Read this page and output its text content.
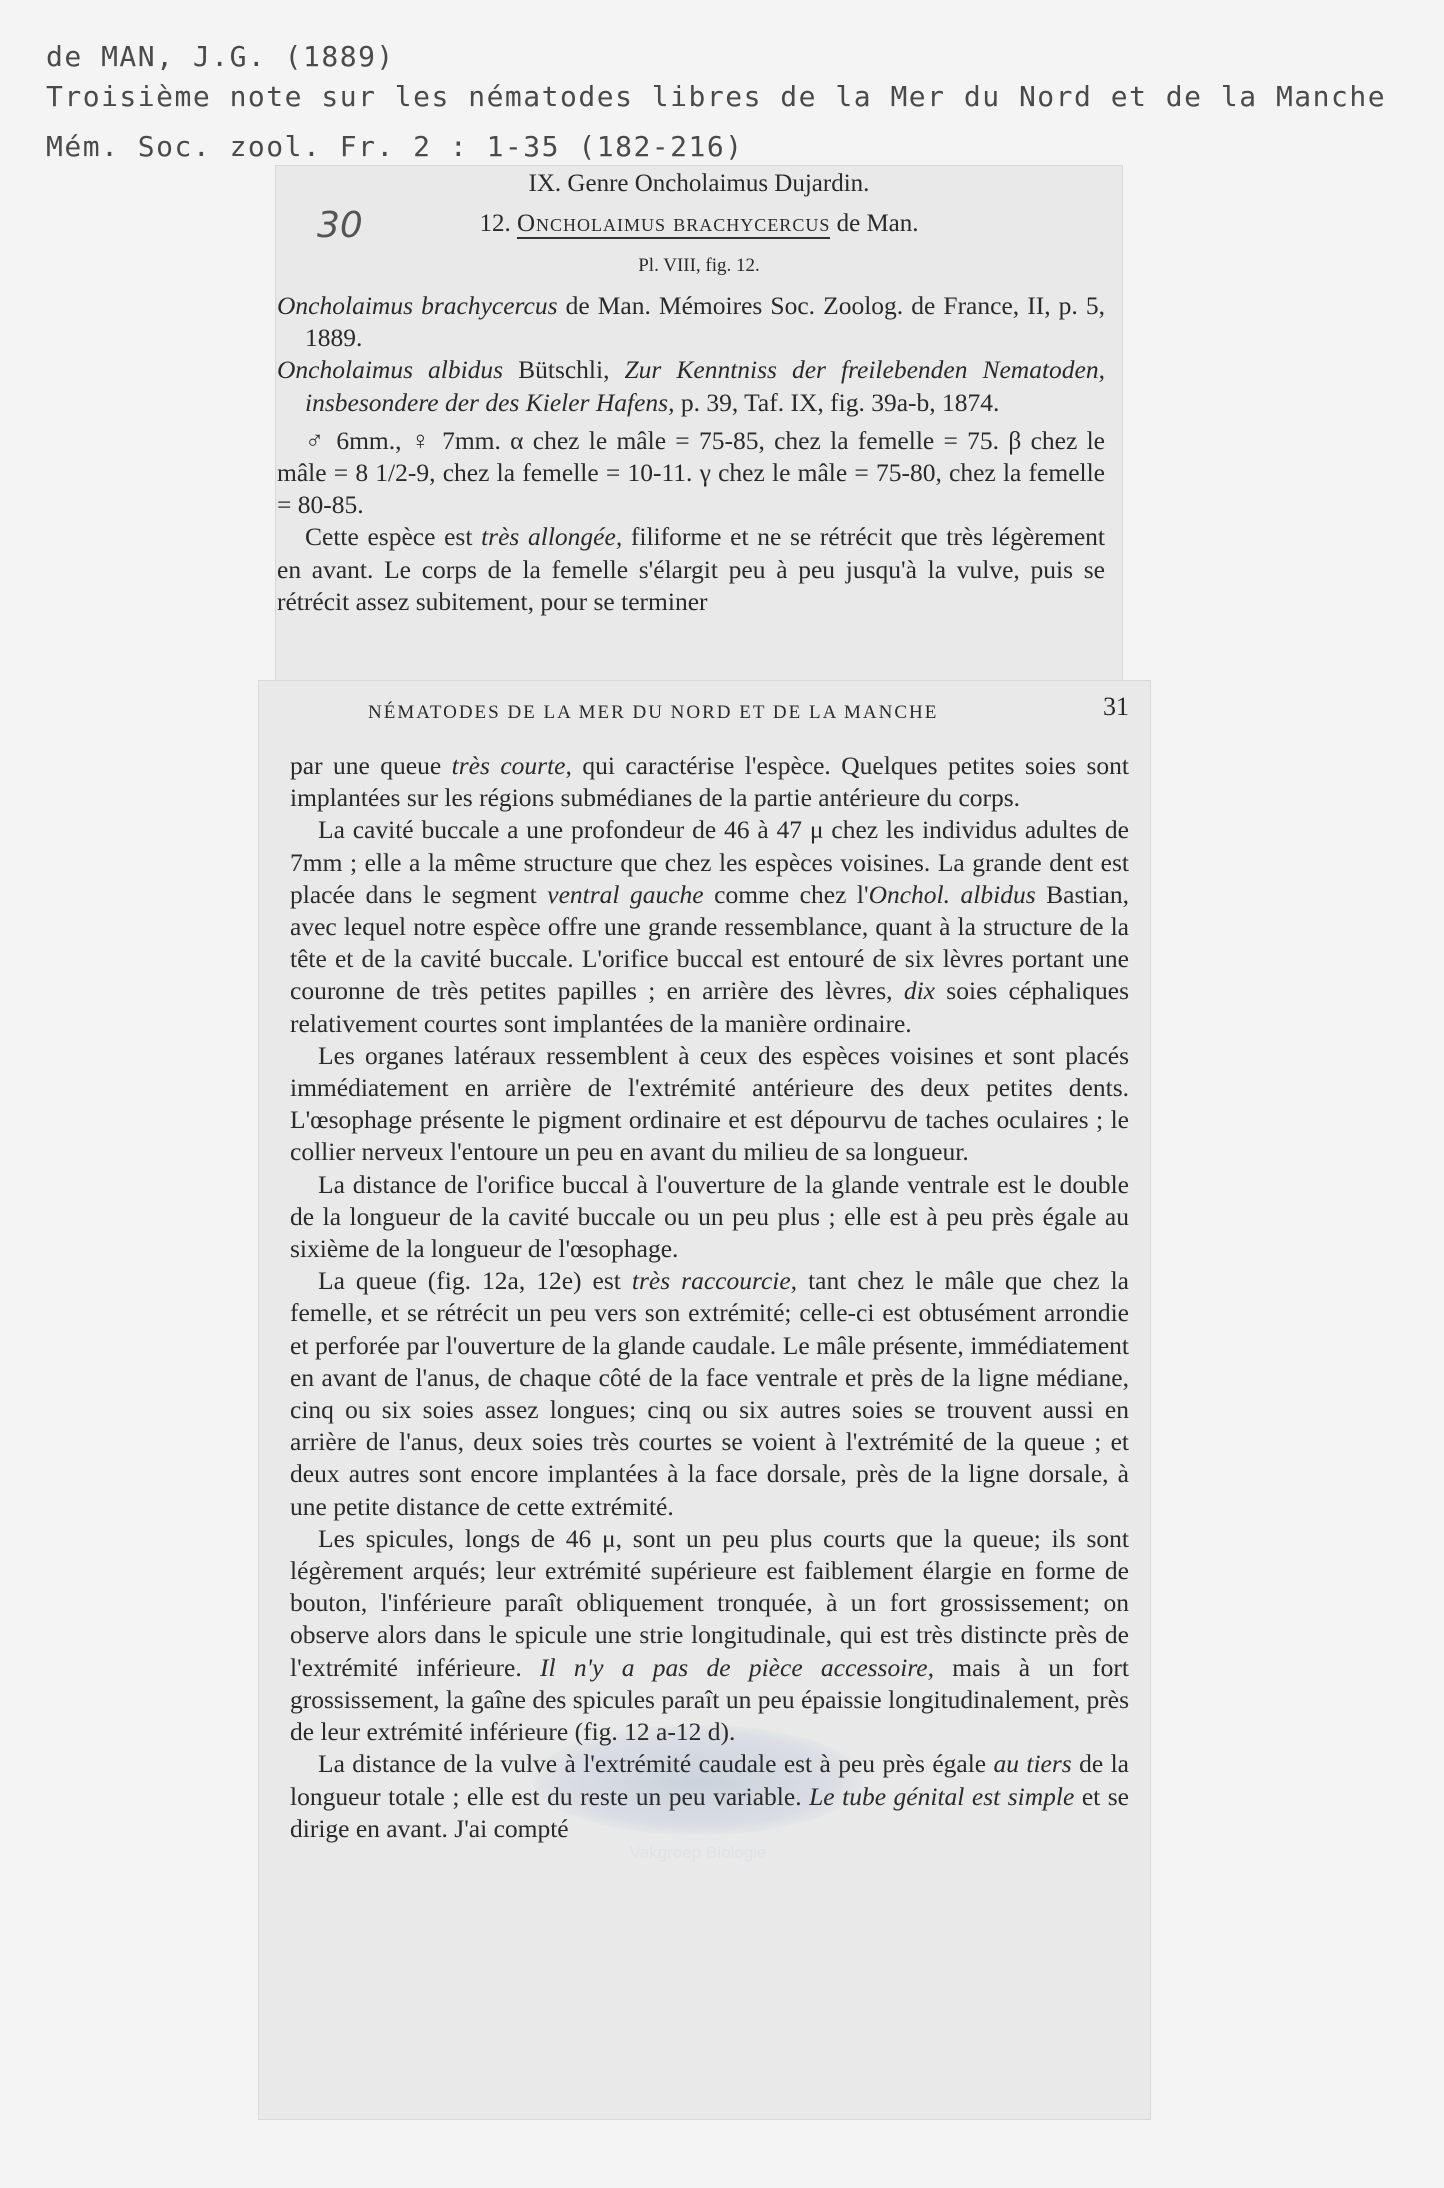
de MAN, J.G. (1889)
Troisième note sur les nématodes libres de la Mer du Nord et de la Manche
Mém. Soc. zool. Fr. 2 : 1-35 (182-216)
30
IX. Genre Oncholaimus Dujardin.
12. Oncholaimus brachycercus de Man.
Pl. VIII, fig. 12.

Oncholaimus brachycercus de Man. Mémoires Soc. Zoolog. de France, II, p. 5, 1889.

Oncholaimus albidus Bütschli, Zur Kenntniss der freilebenden Nematoden, insbesondere der des Kieler Hafens, p. 39, Taf. IX, fig. 39a-b, 1874.

♂ 6mm., ♀ 7mm. α chez le mâle = 75-85, chez la femelle = 75. β chez le mâle = 8 1/2-9, chez la femelle = 10-11. γ chez le mâle = 75-80, chez la femelle = 80-85.

Cette espèce est très allongée, filiforme et ne se rétrécit que très légèrement en avant. Le corps de la femelle s'élargit peu à peu jusqu'à la vulve, puis se rétrécit assez subitement, pour se terminer

NÉMATODES DE LA MER DU NORD ET DE LA MANCHE	31
Vakgroep Biologie

par une queue très courte, qui caractérise l'espèce. Quelques petites soies sont implantées sur les régions submédianes de la partie antérieure du corps.

La cavité buccale a une profondeur de 46 à 47 μ chez les individus adultes de 7mm ; elle a la même structure que chez les espèces voisines. La grande dent est placée dans le segment ventral gauche comme chez l'Onchol. albidus Bastian, avec lequel notre espèce offre une grande ressemblance, quant à la structure de la tête et de la cavité buccale. L'orifice buccal est entouré de six lèvres portant une couronne de très petites papilles ; en arrière des lèvres, dix soies céphaliques relativement courtes sont implantées de la manière ordinaire.

Les organes latéraux ressemblent à ceux des espèces voisines et sont placés immédiatement en arrière de l'extrémité antérieure des deux petites dents. L'œsophage présente le pigment ordinaire et est dépourvu de taches oculaires ; le collier nerveux l'entoure un peu en avant du milieu de sa longueur.

La distance de l'orifice buccal à l'ouverture de la glande ventrale est le double de la longueur de la cavité buccale ou un peu plus ; elle est à peu près égale au sixième de la longueur de l'œsophage.

La queue (fig. 12a, 12e) est très raccourcie, tant chez le mâle que chez la femelle, et se rétrécit un peu vers son extrémité; celle-ci est obtusément arrondie et perforée par l'ouverture de la glande caudale. Le mâle présente, immédiatement en avant de l'anus, de chaque côté de la face ventrale et près de la ligne médiane, cinq ou six soies assez longues; cinq ou six autres soies se trouvent aussi en arrière de l'anus, deux soies très courtes se voient à l'extrémité de la queue ; et deux autres sont encore implantées à la face dorsale, près de la ligne dorsale, à une petite distance de cette extrémité.

Les spicules, longs de 46 μ, sont un peu plus courts que la queue; ils sont légèrement arqués; leur extrémité supérieure est faiblement élargie en forme de bouton, l'inférieure paraît obliquement tronquée, à un fort grossissement; on observe alors dans le spicule une strie longitudinale, qui est très distincte près de l'extrémité inférieure. Il n'y a pas de pièce accessoire, mais à un fort grossissement, la gaîne des spicules paraît un peu épaissie longitudinalement, près de leur extrémité inférieure (fig. 12 a-12 d).

La distance de la vulve à l'extrémité caudale est à peu près égale au tiers de la longueur totale ; elle est du reste un peu variable. Le tube génital est simple et se dirige en avant. J'ai compté
